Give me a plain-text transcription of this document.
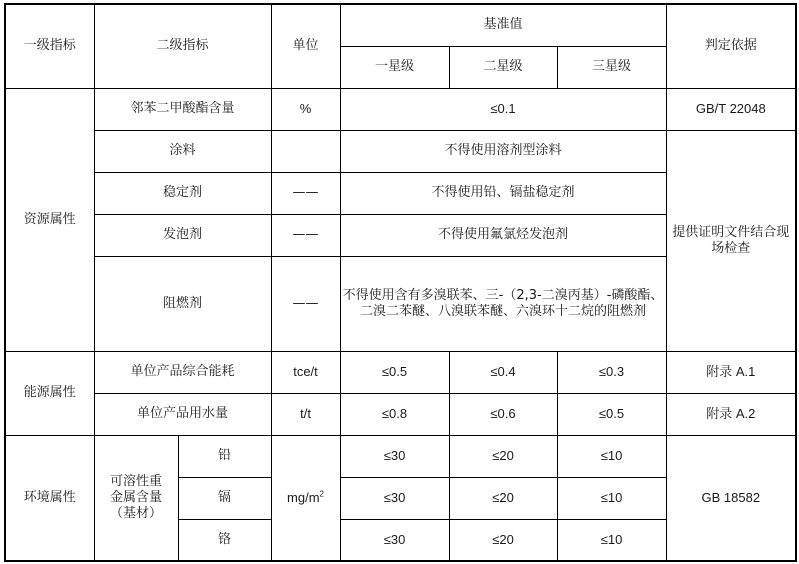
一级指标	二级指标		单位	基准值			判定依据
				一星级	二星级	三星级	
资源属性	邻苯二甲酸酯含量		%	≤0.1			GB/T 22048
	涂料			不得使用溶剂型涂料			提供证明文件结合现场检查
	稳定剂		——	不得使用铅、镉盐稳定剂			
	发泡剂		——	不得使用氟氯烃发泡剂			
	阻燃剂		——	不得使用含有多溴联苯、三-（2,3-二溴丙基）-磷酸酯、二溴二苯醚、八溴联苯醚、六溴环十二烷的阻燃剂			
能源属性	单位产品综合能耗		tce/t	≤0.5	≤0.4	≤0.3	附录 A.1
	单位产品用水量		t/t	≤0.8	≤0.6	≤0.5	附录 A.2
环境属性	可溶性重金属含量（基材）	铅	$mg/m^2$	≤30	≤20	≤10	GB 18582
		镉		≤30	≤20	≤10	
		铬		≤30	≤20	≤10	
